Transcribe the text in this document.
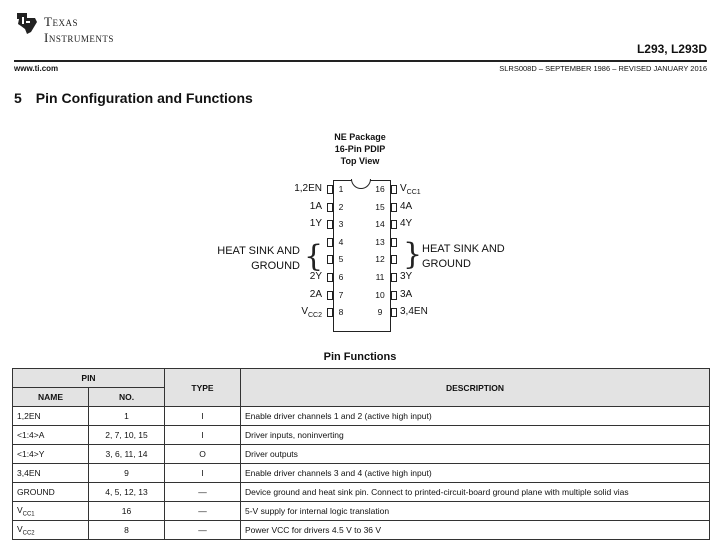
Texas
Instruments
L293, L293D
www.ti.com	SLRS008D – SEPTEMBER 1986 – REVISED JANUARY 2016
5 Pin Configuration and Functions
NE Package
16-Pin PDIP
Top View
1
1,2EN
2
1A
3
1Y
4
5
6
2Y
7
2A
8
$V_{CC2}$
16 $V_{CC1}$
15 4A
14 4Y
13
12
11 3Y
10 3A
9	3,4EN
HEAT SINK AND
GROUND {	HEAT SINK AND
GROUND
}
Pin Functions
PIN		TYPE	DESCRIPTION
NAME	NO.		
1,2EN	1	I	Enable driver channels 1 and 2 (active high input)
<1:4>A	2, 7, 10, 15	I	Driver inputs, noninverting
<1:4>Y	3, 6, 11, 14	O	Driver outputs
3,4EN	9	I	Enable driver channels 3 and 4 (active high input)
GROUND	4, 5, 12, 13	—	Device ground and heat sink pin. Connect to printed-circuit-board ground plane with multiple solid vias
$V_{CC1}$	16	—	5-V supply for internal logic translation
$V_{CC2}$	8	—	Power VCC for drivers 4.5 V to 36 V
